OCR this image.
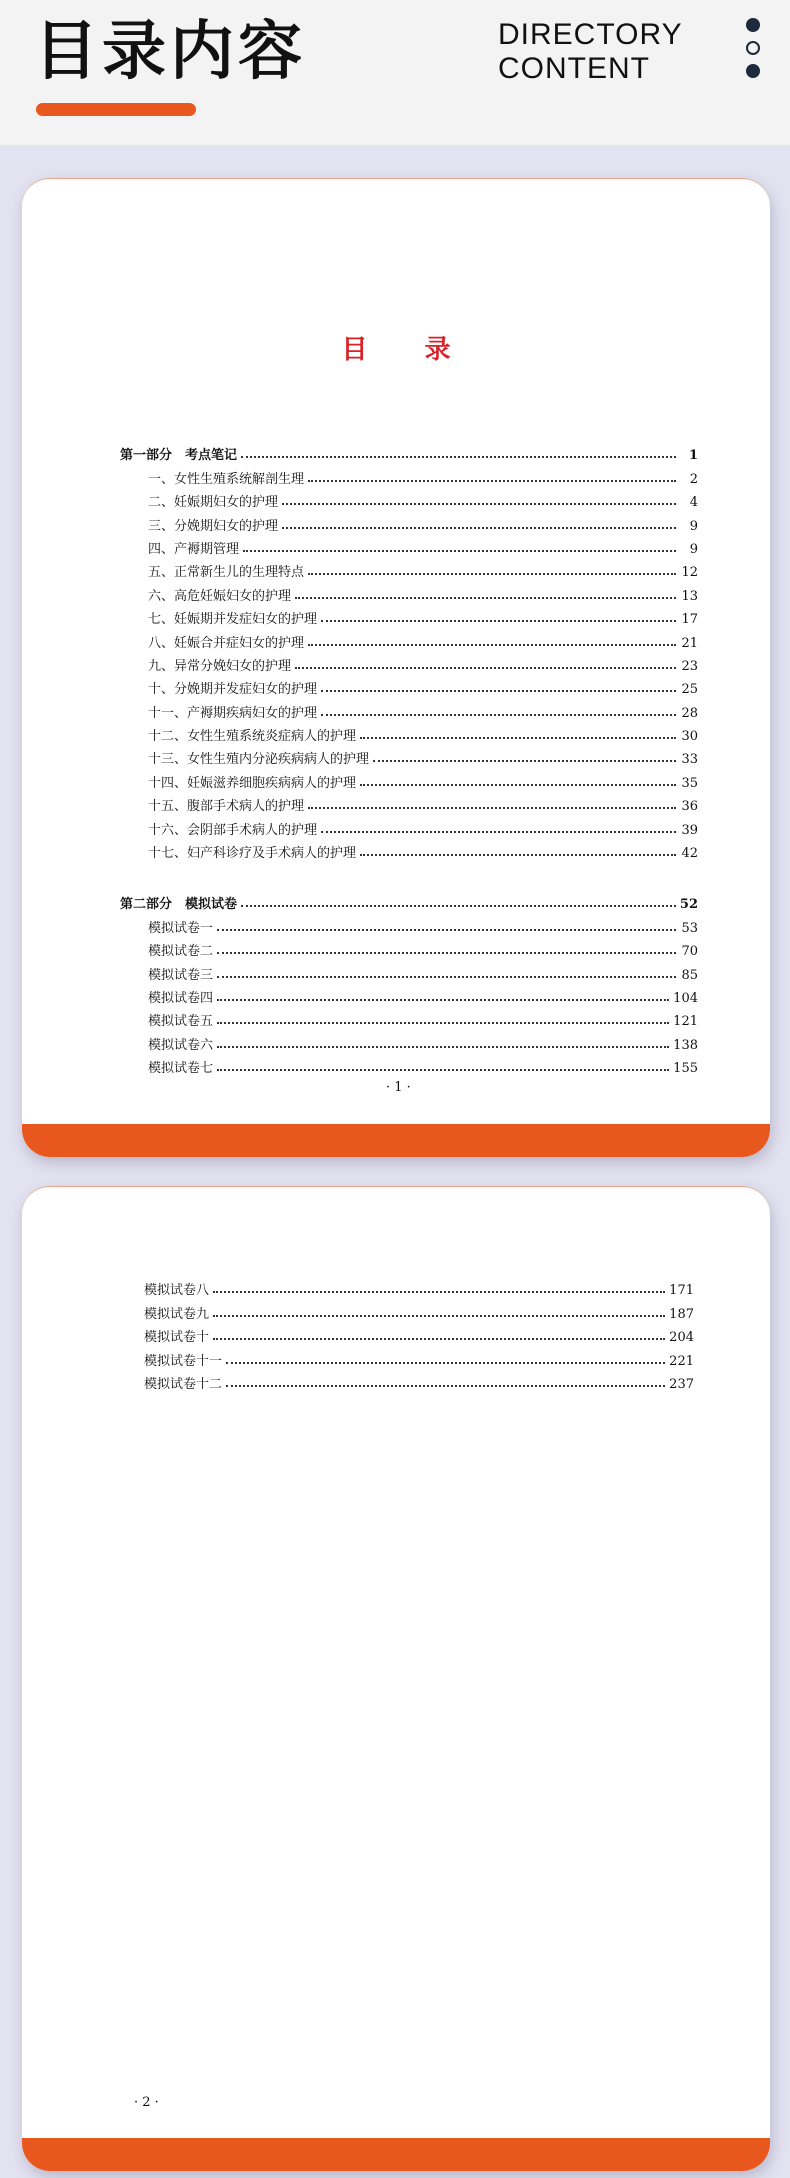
目录内容	DIRECTORY
CONTENT
目 录
第一部分　考点笔记	1
一、女性生殖系统解剖生理	2
二、妊娠期妇女的护理	4
三、分娩期妇女的护理	9
四、产褥期管理	9
五、正常新生儿的生理特点	12
六、高危妊娠妇女的护理	13
七、妊娠期并发症妇女的护理	17
八、妊娠合并症妇女的护理	21
九、异常分娩妇女的护理	23
十、分娩期并发症妇女的护理	25
十一、产褥期疾病妇女的护理	28
十二、女性生殖系统炎症病人的护理	30
十三、女性生殖内分泌疾病病人的护理	33
十四、妊娠滋养细胞疾病病人的护理	35
十五、腹部手术病人的护理	36
十六、会阴部手术病人的护理	39
十七、妇产科诊疗及手术病人的护理	42
第二部分　模拟试卷	52
模拟试卷一	53
模拟试卷二	70
模拟试卷三	85
模拟试卷四	104
模拟试卷五	121
模拟试卷六	138
模拟试卷七	155
· 1 ·
模拟试卷八	171
模拟试卷九	187
模拟试卷十	204
模拟试卷十一	221
模拟试卷十二	237
· 2 ·
